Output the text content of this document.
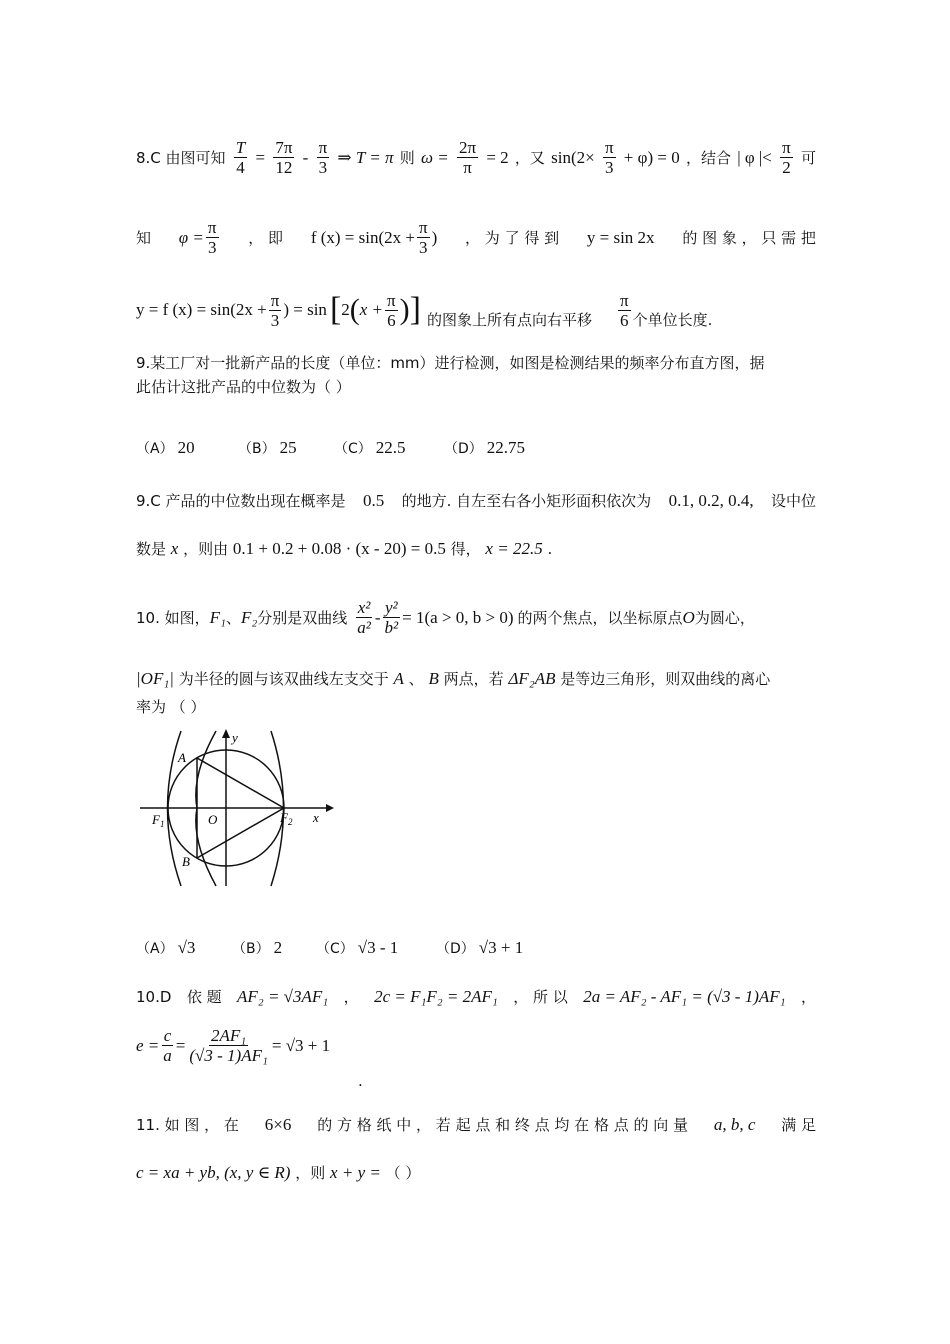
8.C 由图可知 $\frac{T}{4} = \frac{7\pi}{12} - \frac{\pi}{3}$ ⇒ T = π 则 $\omega = \frac{2\pi}{\pi} = 2$ ，又 $\sin(2\times \frac{\pi}{3} + \varphi) = 0$ ，结合 | φ |< $\frac{\pi}{2}$ 可
知 $\varphi = \frac{\pi}{3}$ ， 即 f $(x) = \sin(2x + \frac{\pi}{3}$ ) ， 为 了 得 到 y = sin 2x 的 图 象 ， 只 需 把
y = f $(x) = \sin(2x + \frac{\pi}{3}$ ) = sin [ 2 ( $x + \frac{\pi}{6}$ ) ] 的图象上所有点向右平移 $\frac{\pi}{6}$ 个单位长度.
9.某工厂对一批新产品的长度（单位：mm）进行检测，如图是检测结果的频率分布直方图，据
此估计这批产品的中位数为（ ）
（A） 20	（B） 25	（C） 22.5	（D） 22.75
9.C 产品的中位数出现在概率是 0.5 的地方. 自左至右各小矩形面积依次为 0.1, 0.2, 0.4, 设中位
数是 x ，则由 0.1 + 0.2 + 0.08 · (x - 20) = 0.5 得， x = 22.5 .
10. 如图， F₁ 、 F₂ 分别是双曲线 $\frac{\text{x²}}{\text{a²}} - \frac{\text{y²}}{\text{b²}} = 1(a > 0$, b > 0) 的两个焦点，以坐标原点 O 为圆心，
|OF₁| 为半径的圆与该双曲线左支交于 A 、 B 两点，若 ΔF₂AB 是等边三角形，则双曲线的离心
率为 （ ）
A
B
O
$F_1$	$F_2$ x
y
（A） √3	（B） 2 （C） √3 - 1	（D） √3 + 1
10.D 依 题 AF₂ = √3AF₁ ， 2c = F₁F₂ = 2AF₁ ， 所 以 2a = AF₂ - AF₁ = (√3 - 1)AF₁ ，
$e = \frac{c}{a} = \frac{\text{2AF₁}}{\text{(√3 - 1)AF₁}} = √3 + 1$
.
11. 如 图 ， 在 6×6 的 方 格 纸 中 ， 若 起 点 和 终 点 均 在 格 点 的 向 量 a, b, c 满 足
c = xa + yb, (x, y ∈ R) ，则 x + y = （ ）
